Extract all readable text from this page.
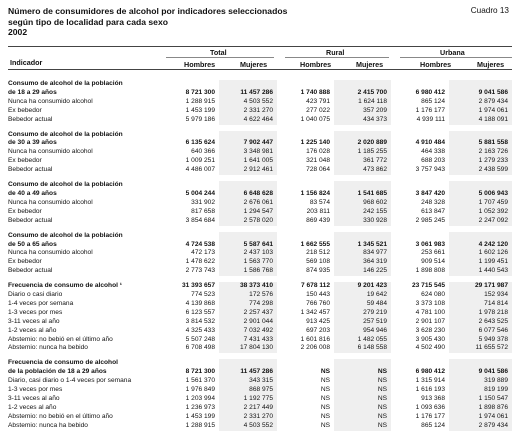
Número de consumidores de alcohol por indicadores seleccionados
según tipo de localidad para cada sexo
2002
Cuadro 13
Indicador
Total	Rural	Urbana
Hombres	Mujeres	Hombres	Mujeres	Hombres	Mujeres
Consumo de alcohol de la población						
de 18 a 29 años	8 721 300	11 457 286	1 740 888	2 415 700	6 980 412	9 041 586
Nunca ha consumido alcohol	1 288 915	4 503 552	423 791	1 624 118	865 124	2 879 434
Ex bebedor	1 453 199	2 331 270	277 022	357 209	1 176 177	1 974 061
Bebedor actual	5 979 186	4 622 464	1 040 075	434 373	4 939 111	4 188 091

Consumo de alcohol de la población						
de 30 a 39 años	6 135 624	7 902 447	1 225 140	2 020 889	4 910 484	5 881 558
Nunca ha consumido alcohol	640 366	3 348 981	176 028	1 185 255	464 338	2 163 726
Ex bebedor	1 009 251	1 641 005	321 048	361 772	688 203	1 279 233
Bebedor actual	4 486 007	2 912 461	728 064	473 862	3 757 943	2 438 599

Consumo de alcohol de la población						
de 40 a 49 años	5 004 244	6 648 628	1 156 824	1 541 685	3 847 420	5 006 943
Nunca ha consumido alcohol	331 902	2 676 061	83 574	968 602	248 328	1 707 459
Ex bebedor	817 658	1 294 547	203 811	242 155	613 847	1 052 392
Bebedor actual	3 854 684	2 578 020	869 439	330 928	2 985 245	2 247 092

Consumo de alcohol de la población						
de 50 a 65 años	4 724 538	5 587 641	1 662 555	1 345 521	3 061 983	4 242 120
Nunca ha consumido alcohol	472 173	2 437 103	218 512	834 977	253 661	1 602 126
Ex bebedor	1 478 622	1 563 770	569 108	364 319	909 514	1 199 451
Bebedor actual	2 773 743	1 586 768	874 935	146 225	1 898 808	1 440 543

Frecuencia de consumo de alcohol ¹	31 393 657	38 373 410	7 678 112	9 201 423	23 715 545	29 171 987
Diario o casi diario	774 523	172 576	150 443	19 642	624 080	152 934
1-4 veces por semana	4 139 868	774 298	766 760	59 484	3 373 108	714 814
1-3 veces por mes	6 123 557	2 257 437	1 342 457	279 219	4 781 100	1 978 218
3-11 veces al año	3 814 532	2 901 044	913 425	257 519	2 901 107	2 643 525
1-2 veces al año	4 325 433	7 032 492	697 203	954 946	3 628 230	6 077 546
Abstemio: no bebió en el último año	5 507 248	7 431 433	1 601 816	1 482 055	3 905 430	5 949 378
Abstemio: nunca ha bebido	6 708 498	17 804 130	2 206 008	6 148 558	4 502 490	11 655 572

Frecuencia de consumo de alcohol						
de la población de 18 a 29 años	8 721 300	11 457 286	NS	NS	6 980 412	9 041 586
Diario, casi diario o 1-4 veces por semana	1 561 370	343 315	NS	NS	1 315 914	319 889
1-3 veces por mes	1 976 849	868 975	NS	NS	1 616 193	819 199
3-11 veces al año	1 203 994	1 192 775	NS	NS	913 368	1 150 547
1-2 veces al año	1 236 973	2 217 449	NS	NS	1 093 636	1 898 876
Abstemio: no bebió en el último año	1 453 199	2 331 270	NS	NS	1 176 177	1 974 061
Abstemio: nunca ha bebido	1 288 915	4 503 552	NS	NS	865 124	2 879 434
